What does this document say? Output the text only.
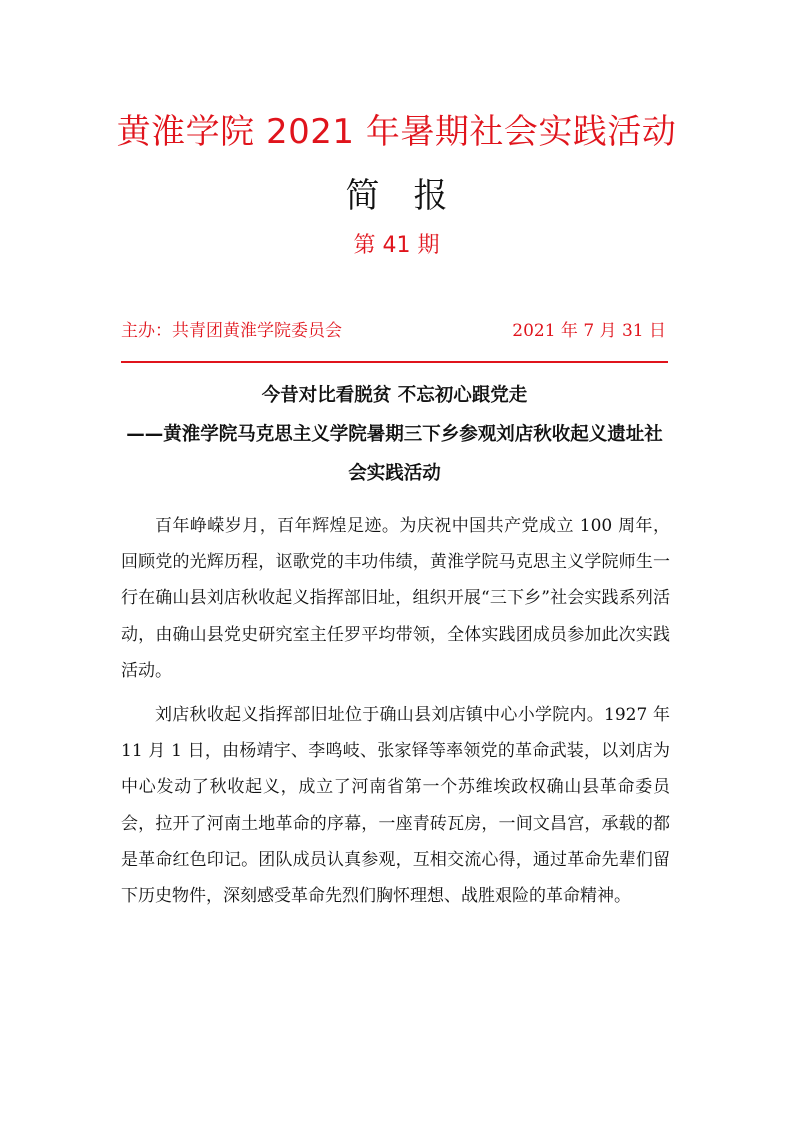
黄淮学院 2021 年暑期社会实践活动
简报
第 41 期
主办：共青团黄淮学院委员会	2021 年 7 月 31 日
今昔对比看脱贫 不忘初心跟党走
——黄淮学院马克思主义学院暑期三下乡参观刘店秋收起义遗址社会实践活动

百年峥嵘岁月，百年辉煌足迹。为庆祝中国共产党成立 100 周年，回顾党的光辉历程，讴歌党的丰功伟绩，黄淮学院马克思主义学院师生一行在确山县刘店秋收起义指挥部旧址，组织开展“三下乡”社会实践系列活动，由确山县党史研究室主任罗平均带领，全体实践团成员参加此次实践活动。

刘店秋收起义指挥部旧址位于确山县刘店镇中心小学院内。1927 年 11 月 1 日，由杨靖宇、李鸣岐、张家铎等率领党的革命武装，以刘店为中心发动了秋收起义，成立了河南省第一个苏维埃政权确山县革命委员会，拉开了河南土地革命的序幕，一座青砖瓦房，一间文昌宫，承载的都是革命红色印记。团队成员认真参观，互相交流心得，通过革命先辈们留下历史物件，深刻感受革命先烈们胸怀理想、战胜艰险的革命精神。
